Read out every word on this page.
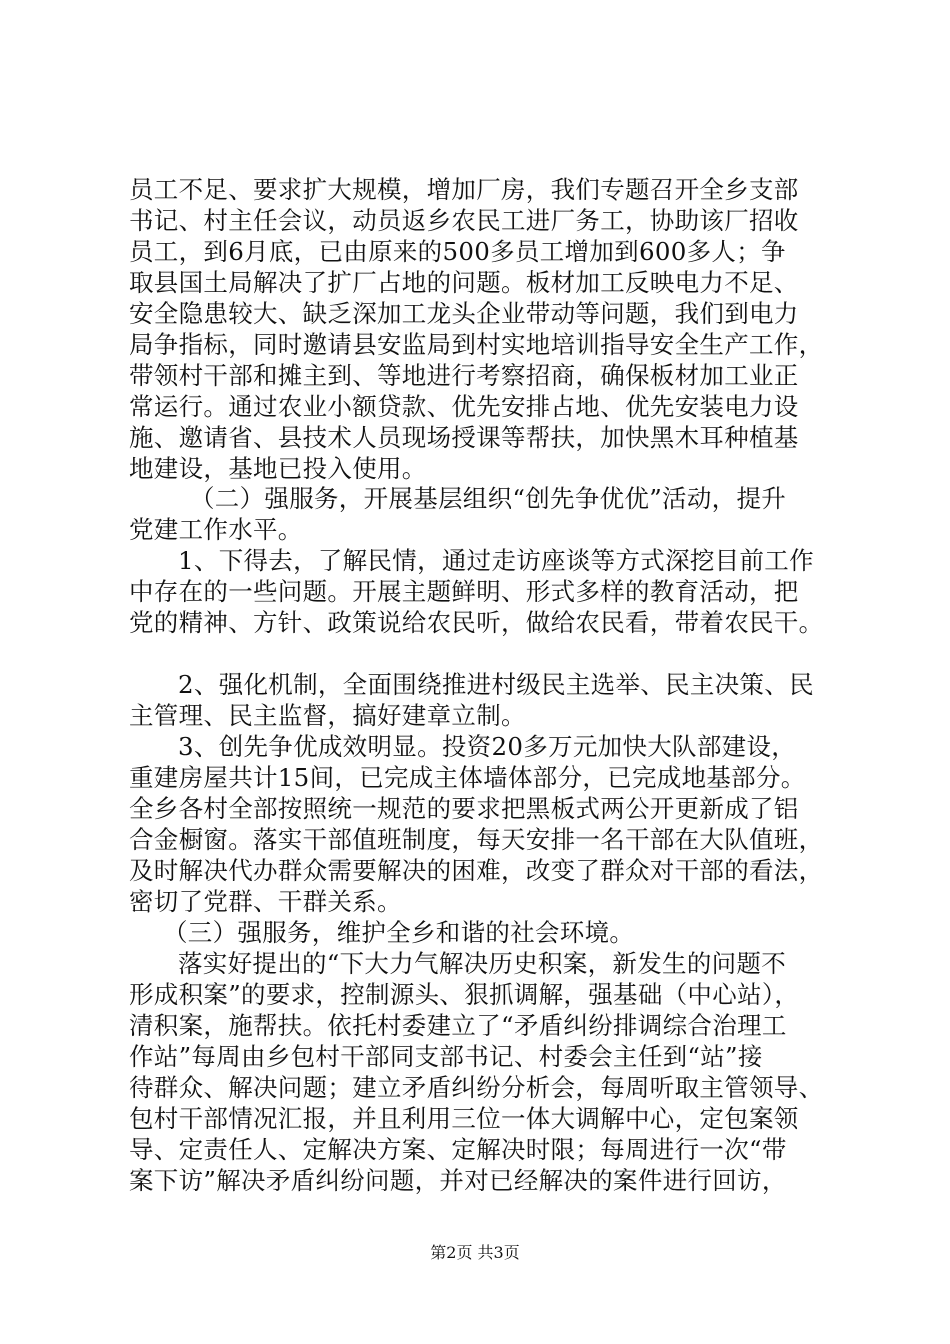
员工不足、要求扩大规模，增加厂房，我们专题召开全乡支部
书记、村主任会议，动员返乡农民工进厂务工，协助该厂招收
员工，到6月底，已由原来的500多员工增加到600多人；争
取县国土局解决了扩厂占地的问题。板材加工反映电力不足、
安全隐患较大、缺乏深加工龙头企业带动等问题，我们到电力
局争指标，同时邀请县安监局到村实地培训指导安全生产工作，
带领村干部和摊主到、等地进行考察招商，确保板材加工业正
常运行。通过农业小额贷款、优先安排占地、优先安装电力设
施、邀请省、县技术人员现场授课等帮扶，加快黑木耳种植基
地建设，基地已投入使用。
（二）强服务，开展基层组织“创先争优优”活动，提升
党建工作水平。
1、下得去，了解民情，通过走访座谈等方式深挖目前工作
中存在的一些问题。开展主题鲜明、形式多样的教育活动，把
党的精神、方针、政策说给农民听，做给农民看，带着农民干。
2、强化机制，全面围绕推进村级民主选举、民主决策、民
主管理、民主监督，搞好建章立制。
3、创先争优成效明显。投资20多万元加快大队部建设，
重建房屋共计15间，已完成主体墙体部分，已完成地基部分。
全乡各村全部按照统一规范的要求把黑板式两公开更新成了铝
合金橱窗。落实干部值班制度，每天安排一名干部在大队值班，
及时解决代办群众需要解决的困难，改变了群众对干部的看法，
密切了党群、干群关系。
（三）强服务，维护全乡和谐的社会环境。
落实好提出的“下大力气解决历史积案，新发生的问题不
形成积案”的要求，控制源头、狠抓调解，强基础（中心站），
清积案，施帮扶。依托村委建立了“矛盾纠纷排调综合治理工
作站”每周由乡包村干部同支部书记、村委会主任到“站”接
待群众、解决问题；建立矛盾纠纷分析会，每周听取主管领导、
包村干部情况汇报，并且利用三位一体大调解中心，定包案领
导、定责任人、定解决方案、定解决时限；每周进行一次“带
案下访”解决矛盾纠纷问题，并对已经解决的案件进行回访，
第2页 共3页
